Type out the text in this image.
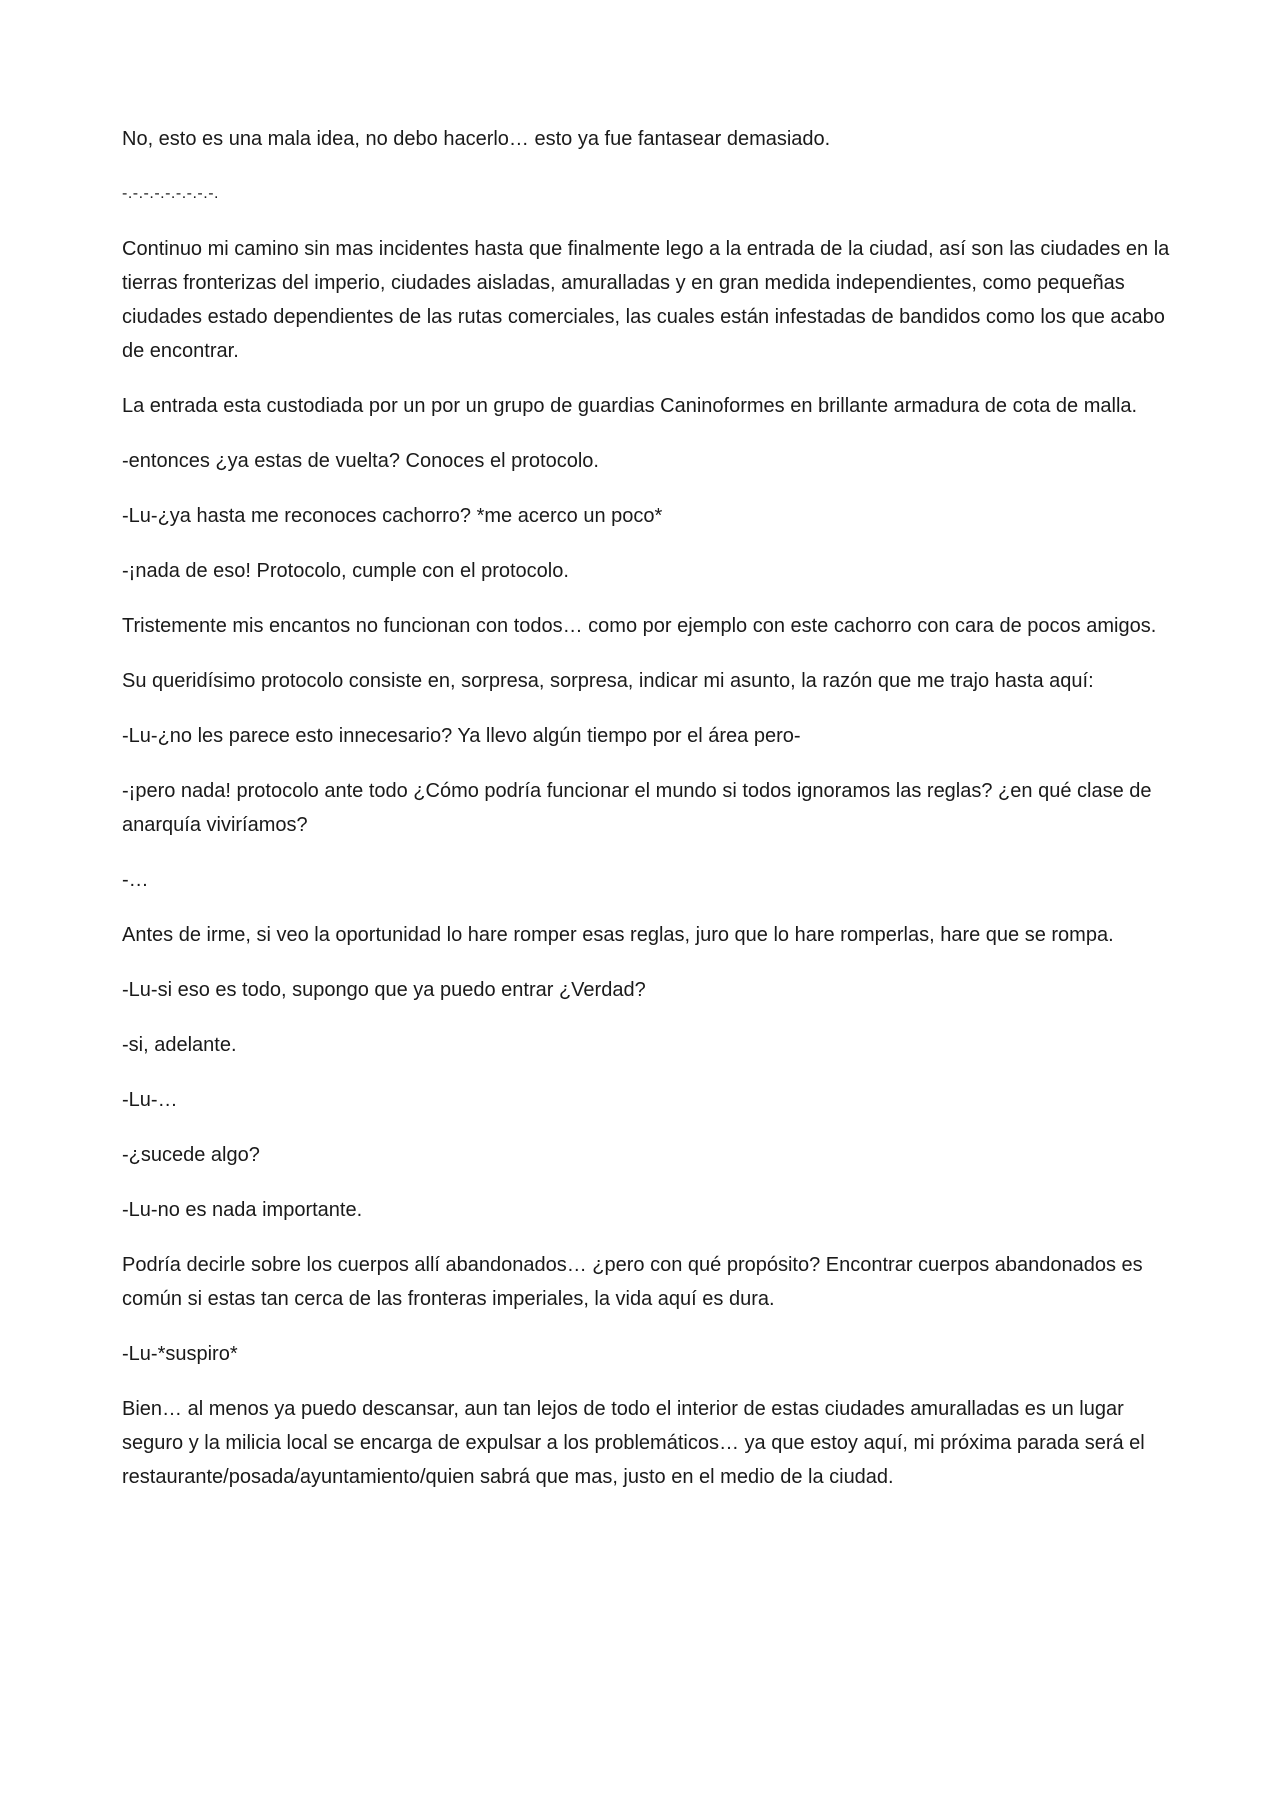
No, esto es una mala idea, no debo hacerlo… esto ya fue fantasear demasiado.

-.-.-.-.-.-.-.-.-.

Continuo mi camino sin mas incidentes hasta que finalmente lego a la entrada de la ciudad, así son las ciudades en la tierras fronterizas del imperio, ciudades aisladas, amuralladas y en gran medida independientes, como pequeñas ciudades estado dependientes de las rutas comerciales, las cuales están infestadas de bandidos como los que acabo de encontrar.

La entrada esta custodiada por un por un grupo de guardias Caninoformes en brillante armadura de cota de malla.

-entonces ¿ya estas de vuelta? Conoces el protocolo.

-Lu-¿ya hasta me reconoces cachorro? *me acerco un poco*

-¡nada de eso! Protocolo, cumple con el protocolo.

Tristemente mis encantos no funcionan con todos… como por ejemplo con este cachorro con cara de pocos amigos.

Su queridísimo protocolo consiste en, sorpresa, sorpresa, indicar mi asunto, la razón que me trajo hasta aquí:

-Lu-¿no les parece esto innecesario? Ya llevo algún tiempo por el área pero-

-¡pero nada! protocolo ante todo ¿Cómo podría funcionar el mundo si todos ignoramos las reglas? ¿en qué clase de anarquía viviríamos?

-…

Antes de irme, si veo la oportunidad lo hare romper esas reglas, juro que lo hare romperlas, hare que se rompa.

-Lu-si eso es todo, supongo que ya puedo entrar ¿Verdad?

-si, adelante.

-Lu-…

-¿sucede algo?

-Lu-no es nada importante.

Podría decirle sobre los cuerpos allí abandonados… ¿pero con qué propósito? Encontrar cuerpos abandonados es común si estas tan cerca de las fronteras imperiales, la vida aquí es dura.

-Lu-*suspiro*

Bien… al menos ya puedo descansar, aun tan lejos de todo el interior de estas ciudades amuralladas es un lugar seguro y la milicia local se encarga de expulsar a los problemáticos… ya que estoy aquí, mi próxima parada será el restaurante/posada/ayuntamiento/quien sabrá que mas, justo en el medio de la ciudad.
